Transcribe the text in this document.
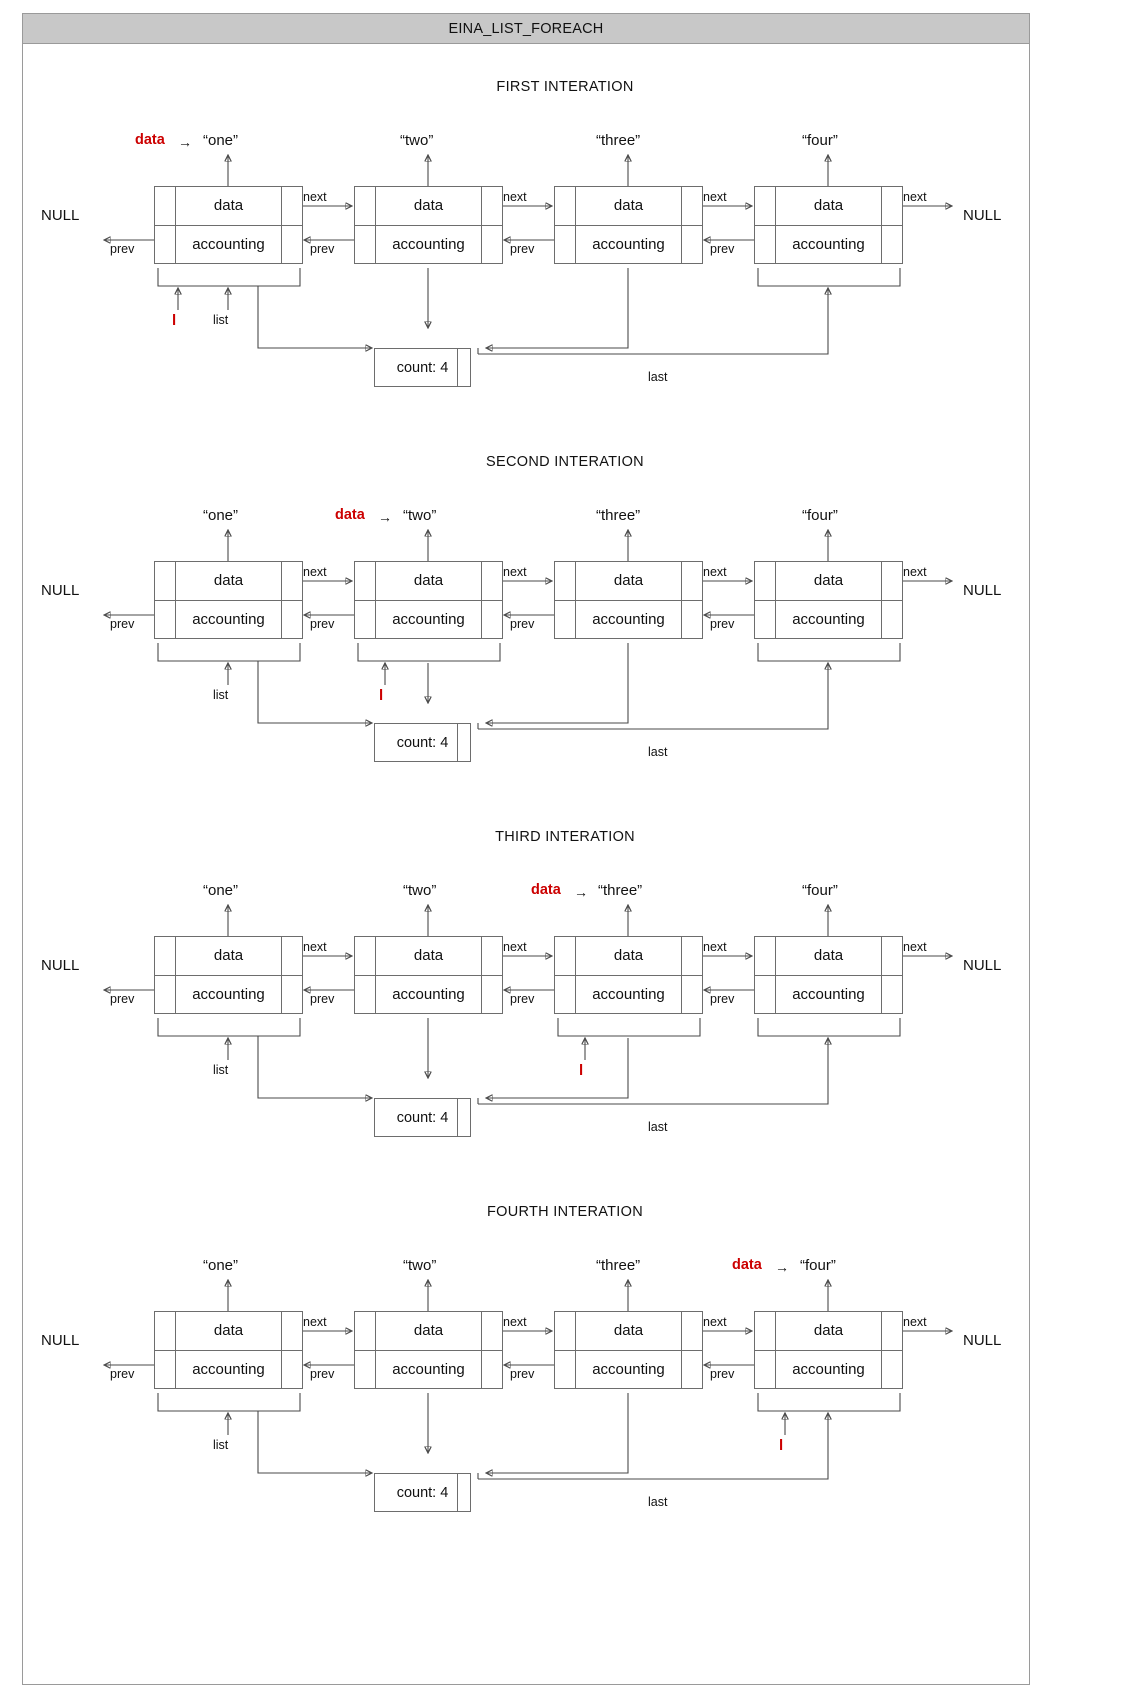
EINA_LIST_FOREACH
FIRST INTERATION
data
accounting
data
accounting
data
accounting
data
accounting
count: 4
NULL	NULL
data → “one”	“two”	“three”	“four”
next	next	next	next
prev	prev	prev	prev
l	list
last
SECOND INTERATION
data
accounting
data
accounting
data
accounting
data
accounting
count: 4
NULL	NULL
“one”	data → “two”	“three”	“four”
next	next	next	next
prev	prev	prev	prev
list	l
last
THIRD INTERATION
data
accounting
data
accounting
data
accounting
data
accounting
count: 4
NULL	NULL
“one”	“two”	data → “three”	“four”
next	next	next	next
prev	prev	prev	prev
list	l
last
FOURTH INTERATION
data
accounting
data
accounting
data
accounting
data
accounting
count: 4
NULL	NULL
“one”	“two”	“three”	data → “four”
next	next	next	next
prev	prev	prev	prev
list	l
last
